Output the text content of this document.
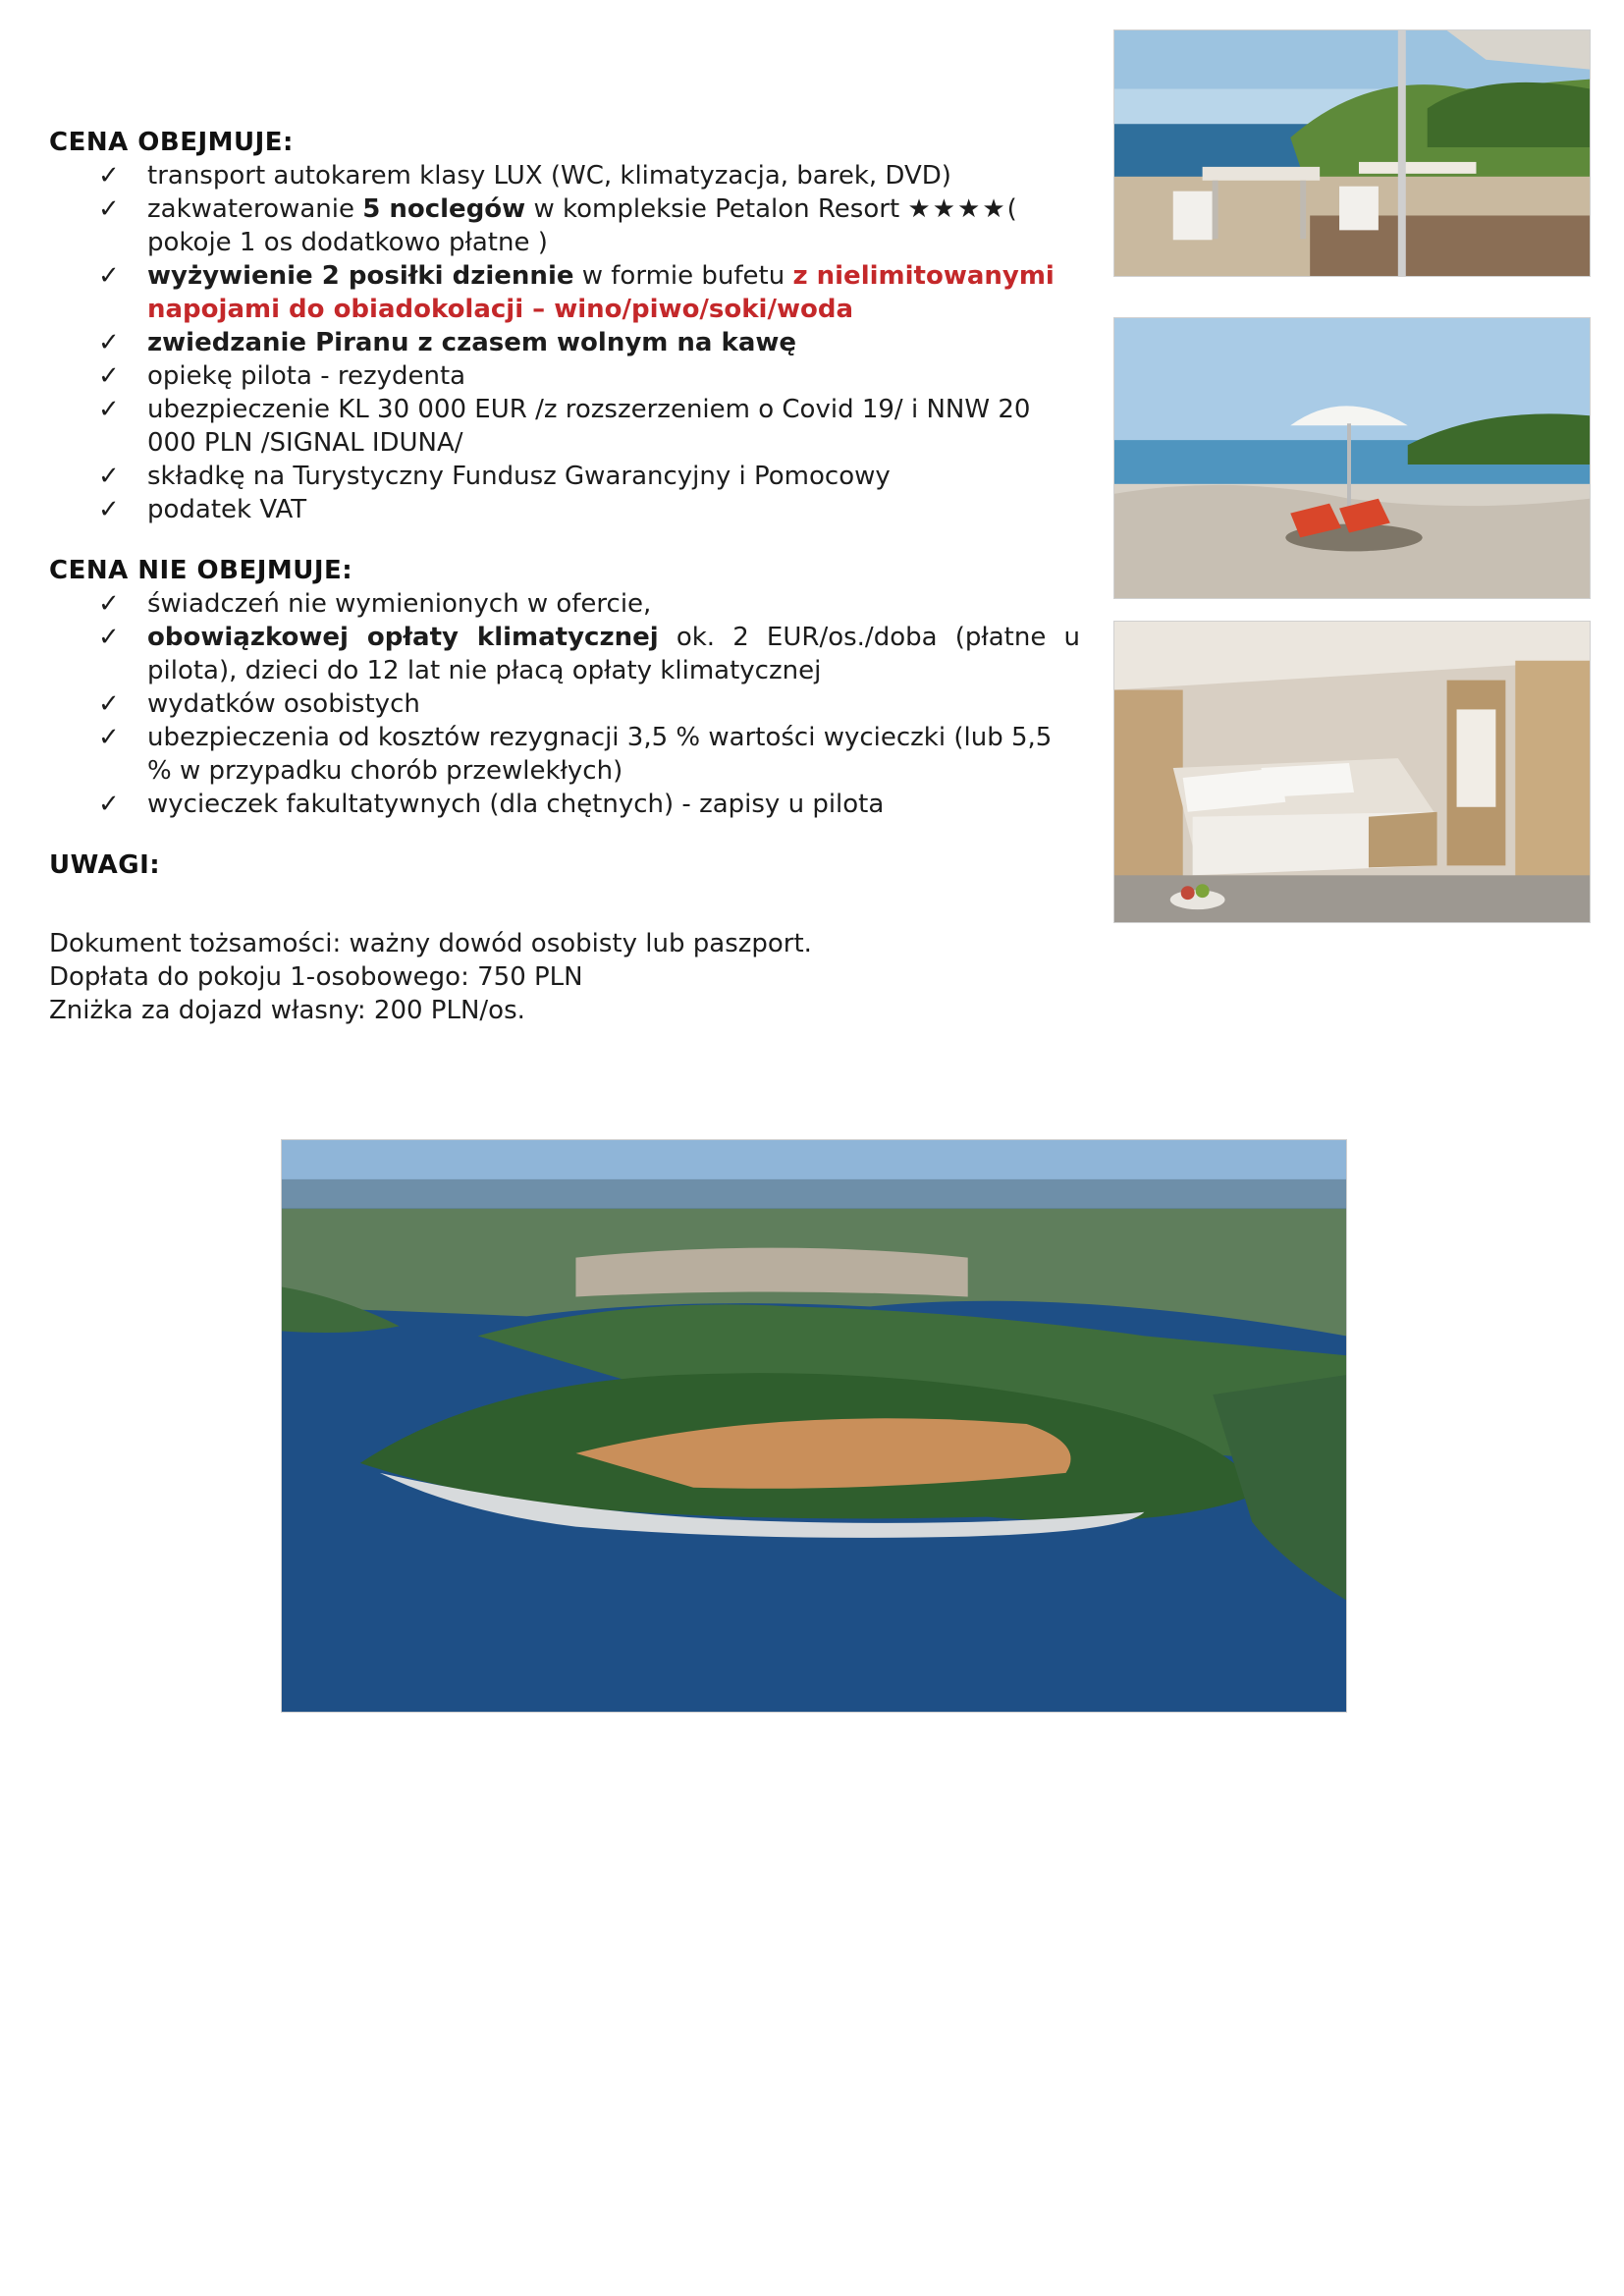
CENA OBEJMUJE:
✓	transport autokarem klasy LUX (WC, klimatyzacja, barek, DVD)
✓	zakwaterowanie 5 noclegów w kompleksie Petalon Resort ★★★★( pokoje 1 os dodatkowo płatne )
✓	wyżywienie 2 posiłki dziennie w formie bufetu z nielimitowanymi napojami do obiadokolacji – wino/piwo/soki/woda
✓	zwiedzanie Piranu z czasem wolnym na kawę
✓	opiekę pilota - rezydenta
✓	ubezpieczenie KL 30 000 EUR /z rozszerzeniem o Covid 19/ i NNW 20 000 PLN /SIGNAL IDUNA/
✓	składkę na Turystyczny Fundusz Gwarancyjny i Pomocowy
✓	podatek VAT
CENA NIE OBEJMUJE:
✓	świadczeń nie wymienionych w ofercie,
✓	obowiązkowej opłaty klimatycznej ok. 2 EUR/os./doba (płatne u pilota), dzieci do 12 lat nie płacą opłaty klimatycznej
✓	wydatków osobistych
✓	ubezpieczenia od kosztów rezygnacji 3,5 % wartości wycieczki (lub 5,5 % w przypadku chorób przewlekłych)
✓	wycieczek fakultatywnych (dla chętnych) - zapisy u pilota
UWAGI:
Dokument tożsamości: ważny dowód osobisty lub paszport.
Dopłata do pokoju 1-osobowego: 750 PLN
Zniżka za dojazd własny: 200 PLN/os.
